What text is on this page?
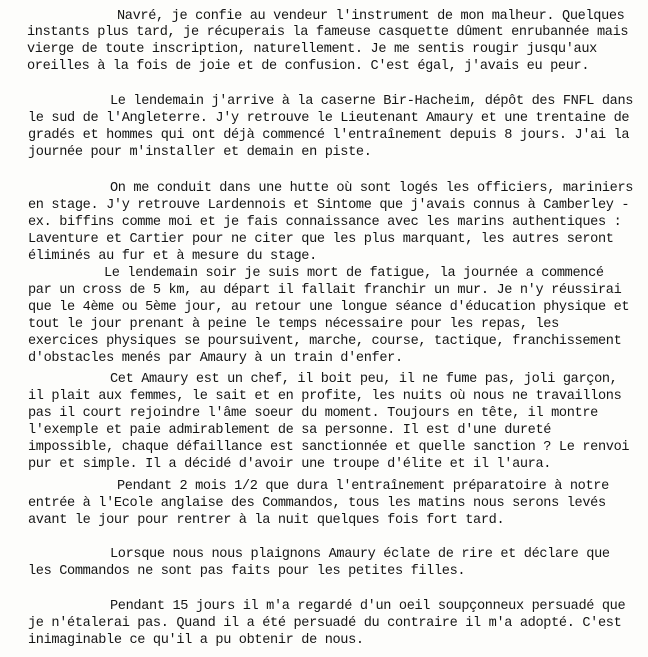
Navré, je confie au vendeur l'instrument de mon malheur. Quelques
instants plus tard, je récuperais la fameuse casquette dûment enrubannée mais
vierge de toute inscription, naturellement. Je me sentis rougir jusqu'aux
oreilles à la fois de joie et de confusion. C'est égal, j'avais eu peur.
Le lendemain j'arrive à la caserne Bir-Hacheim, dépôt des FNFL dans
le sud de l'Angleterre. J'y retrouve le Lieutenant Amaury et une trentaine de
gradés et hommes qui ont déjà commencé l'entraînement depuis 8 jours. J'ai la
journée pour m'installer et demain en piste.
On me conduit dans une hutte où sont logés les officiers, mariniers
en stage. J'y retrouve Lardennois et Sintome que j'avais connus à Camberley -
ex. biffins comme moi et je fais connaissance avec les marins authentiques :
Laventure et Cartier pour ne citer que les plus marquant, les autres seront
éliminés au fur et à mesure du stage.
Le lendemain soir je suis mort de fatigue, la journée a commencé
par un cross de 5 km, au départ il fallait franchir un mur. Je n'y réussirai
que le 4ème ou 5ème jour, au retour une longue séance d'éducation physique et
tout le jour prenant à peine le temps nécessaire pour les repas, les
exercices physiques se poursuivent, marche, course, tactique, franchissement
d'obstacles menés par Amaury à un train d'enfer.
Cet Amaury est un chef, il boit peu, il ne fume pas, joli garçon,
il plait aux femmes, le sait et en profite, les nuits où nous ne travaillons
pas il court rejoindre l'âme soeur du moment. Toujours en tête, il montre
l'exemple et paie admirablement de sa personne. Il est d'une dureté
impossible, chaque défaillance est sanctionnée et quelle sanction ? Le renvoi
pur et simple. Il a décidé d'avoir une troupe d'élite et il l'aura.
Pendant 2 mois 1/2 que dura l'entraînement préparatoire à notre
entrée à l'Ecole anglaise des Commandos, tous les matins nous serons levés
avant le jour pour rentrer à la nuit quelques fois fort tard.
Lorsque nous nous plaignons Amaury éclate de rire et déclare que
les Commandos ne sont pas faits pour les petites filles.
Pendant 15 jours il m'a regardé d'un oeil soupçonneux persuadé que
je n'étalerai pas. Quand il a été persuadé du contraire il m'a adopté. C'est
inimaginable ce qu'il a pu obtenir de nous.
